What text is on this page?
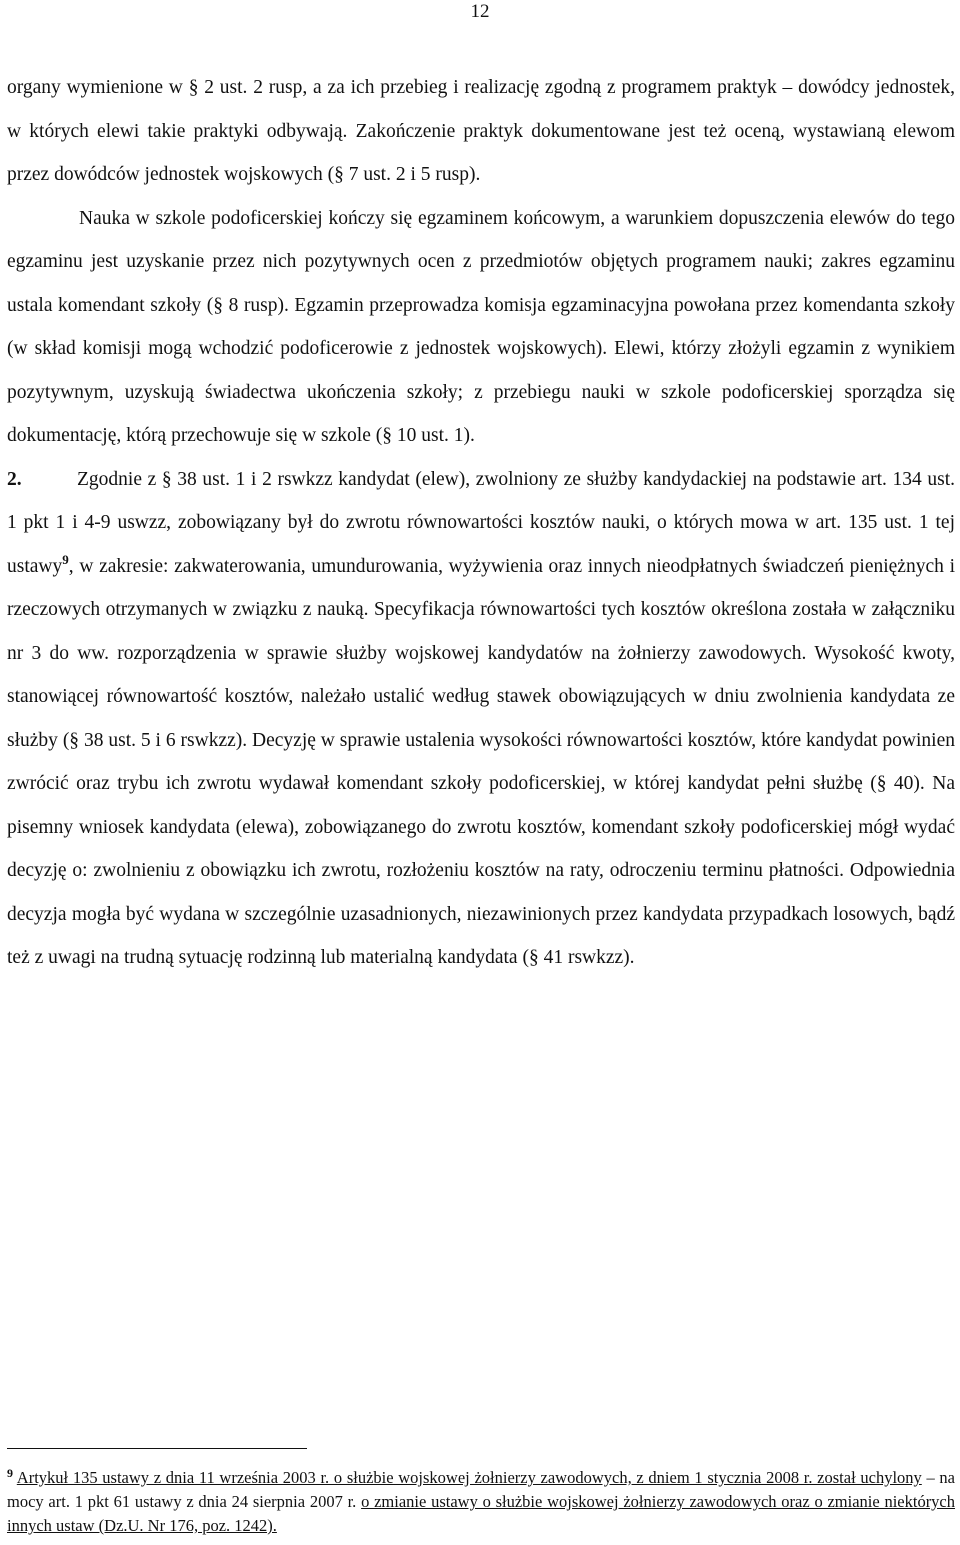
12

organy wymienione w § 2 ust. 2 rusp, a za ich przebieg i realizację zgodną z programem praktyk – dowódcy jednostek, w których elewi takie praktyki odbywają. Zakończenie praktyk dokumentowane jest też oceną, wystawianą elewom przez dowódców jednostek wojskowych (§ 7 ust. 2 i 5 rusp).

Nauka w szkole podoficerskiej kończy się egzaminem końcowym, a warunkiem dopuszczenia elewów do tego egzaminu jest uzyskanie przez nich pozytywnych ocen z przedmiotów objętych programem nauki; zakres egzaminu ustala komendant szkoły (§ 8 rusp). Egzamin przeprowadza komisja egzaminacyjna powołana przez komendanta szkoły (w skład komisji mogą wchodzić podoficerowie z jednostek wojskowych). Elewi, którzy złożyli egzamin z wynikiem pozytywnym, uzyskują świadectwa ukończenia szkoły; z przebiegu nauki w szkole podoficerskiej sporządza się dokumentację, którą przechowuje się w szkole (§ 10 ust. 1).

2.	Zgodnie z § 38 ust. 1 i 2 rswkzz kandydat (elew), zwolniony ze służby kandydackiej na podstawie art. 134 ust. 1 pkt 1 i 4-9 uswzz, zobowiązany był do zwrotu równowartości kosztów nauki, o których mowa w art. 135 ust. 1 tej ustawy$^9$, w zakresie: zakwaterowania, umundurowania, wyżywienia oraz innych nieodpłatnych świadczeń pieniężnych i rzeczowych otrzymanych w związku z nauką. Specyfikacja równowartości tych kosztów określona została w załączniku nr 3 do ww. rozporządzenia w sprawie służby wojskowej kandydatów na żołnierzy zawodowych. Wysokość kwoty, stanowiącej równowartość kosztów, należało ustalić według stawek obowiązujących w dniu zwolnienia kandydata ze służby (§ 38 ust. 5 i 6 rswkzz). Decyzję w sprawie ustalenia wysokości równowartości kosztów, które kandydat powinien zwrócić oraz trybu ich zwrotu wydawał komendant szkoły podoficerskiej, w której kandydat pełni służbę (§ 40). Na pisemny wniosek kandydata (elewa), zobowiązanego do zwrotu kosztów, komendant szkoły podoficerskiej mógł wydać decyzję o: zwolnieniu z obowiązku ich zwrotu, rozłożeniu kosztów na raty, odroczeniu terminu płatności. Odpowiednia decyzja mogła być wydana w szczególnie uzasadnionych, niezawinionych przez kandydata przypadkach losowych, bądź też z uwagi na trudną sytuację rodzinną lub materialną kandydata (§ 41 rswkzz).

$^9$ Artykuł 135 ustawy z dnia 11 września 2003 r. o służbie wojskowej żołnierzy zawodowych, z dniem 1 stycznia 2008 r. został uchylony – na mocy art. 1 pkt 61 ustawy z dnia 24 sierpnia 2007 r. o zmianie ustawy o służbie wojskowej żołnierzy zawodowych oraz o zmianie niektórych innych ustaw (Dz.U. Nr 176, poz. 1242).
